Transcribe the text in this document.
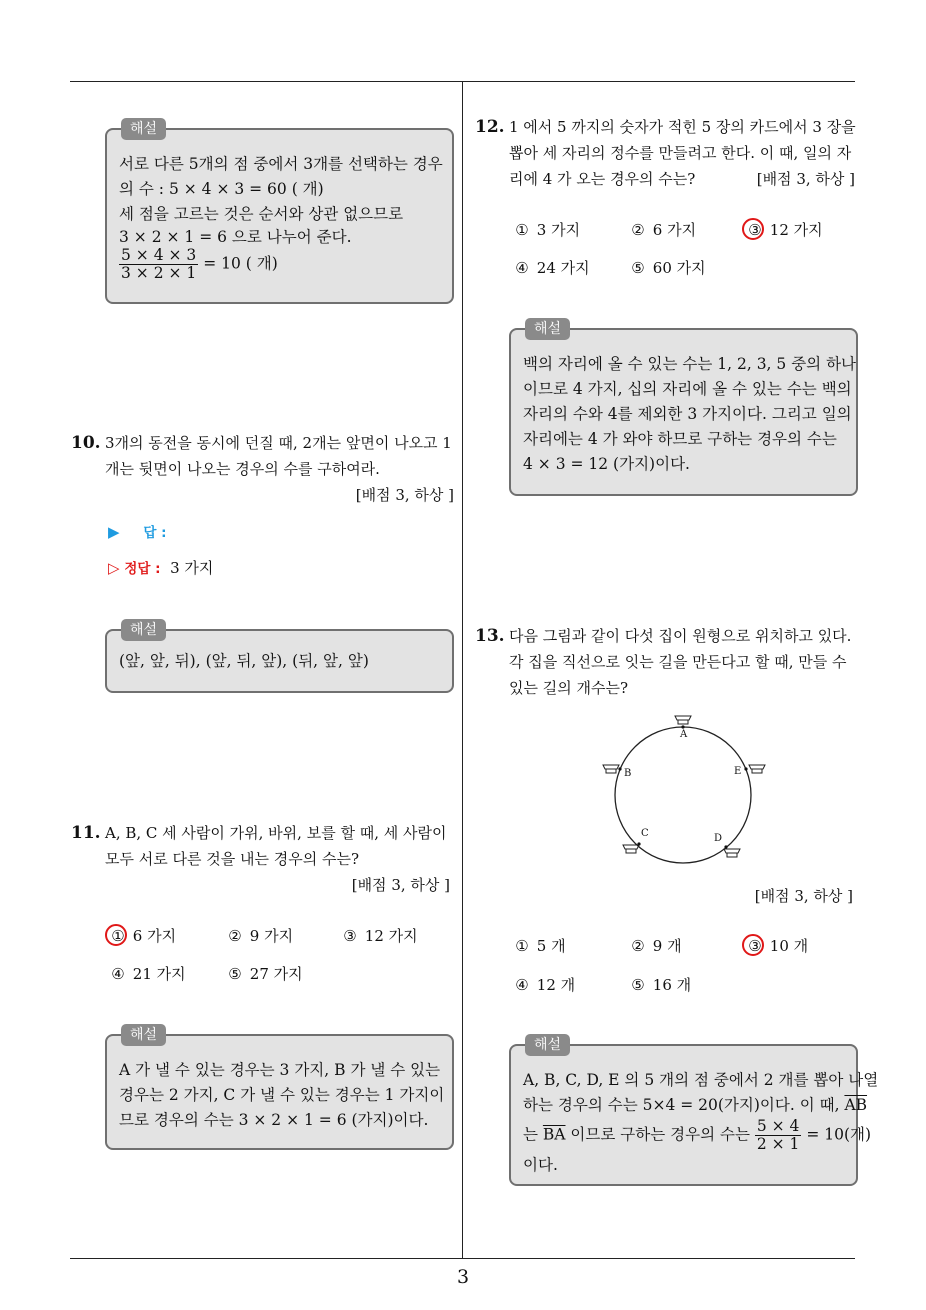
해설
서로 다른 5개의 점 중에서 3개를 선택하는 경우
의 수 : 5 × 4 × 3 = 60 ( 개)
세 점을 고르는 것은 순서와 상관 없으므로
3 × 2 × 1 = 6 으로 나누어 준다.
$\frac{5 \times 4 \times 3}{3 \times 2 \times 1} = 10$ ( 개)
10. 3개의 동전을 동시에 던질 때, 2개는 앞면이 나오고 1
개는 뒷면이 나오는 경우의 수를 구하여라.
[배점 3, 하상 ]
▶ 답 :
▷ 정답 : 3 가지
해설
(앞, 앞, 뒤), (앞, 뒤, 앞), (뒤, 앞, 앞)
11. A, B, C 세 사람이 가위, 바위, 보를 할 때, 세 사람이
모두 서로 다른 것을 내는 경우의 수는?
[배점 3, 하상 ]
① 6 가지	② 9 가지	③ 12 가지
④ 21 가지	⑤ 27 가지
해설
A 가 낼 수 있는 경우는 3 가지, B 가 낼 수 있는
경우는 2 가지, C 가 낼 수 있는 경우는 1 가지이
므로 경우의 수는 3 × 2 × 1 = 6 (가지)이다.
12. 1 에서 5 까지의 숫자가 적힌 5 장의 카드에서 3 장을
뽑아 세 자리의 정수를 만들려고 한다. 이 때, 일의 자
리에 4 가 오는 경우의 수는?	[배점 3, 하상 ]
① 3 가지	② 6 가지	③ 12 가지
④ 24 가지	⑤ 60 가지
해설
백의 자리에 올 수 있는 수는 1, 2, 3, 5 중의 하나
이므로 4 가지, 십의 자리에 올 수 있는 수는 백의
자리의 수와 4를 제외한 3 가지이다. 그리고 일의
자리에는 4 가 와야 하므로 구하는 경우의 수는
4 × 3 = 12 (가지)이다.
13. 다음 그림과 같이 다섯 집이 원형으로 위치하고 있다.
각 집을 직선으로 잇는 길을 만든다고 할 때, 만들 수
있는 길의 개수는?
A
B	E
C	D
[배점 3, 하상 ]
① 5 개	② 9 개	③ 10 개
④ 12 개	⑤ 16 개
해설
A, B, C, D, E 의 5 개의 점 중에서 2 개를 뽑아 나열
하는 경우의 수는 5×4 = 20(가지)이다. 이 때, $\overline{AB}$
는 $\overline{BA}$ 이므로 구하는 경우의 수는 $\frac{5 \times 4}{2 \times 1} = 10$(개)
이다.
3
